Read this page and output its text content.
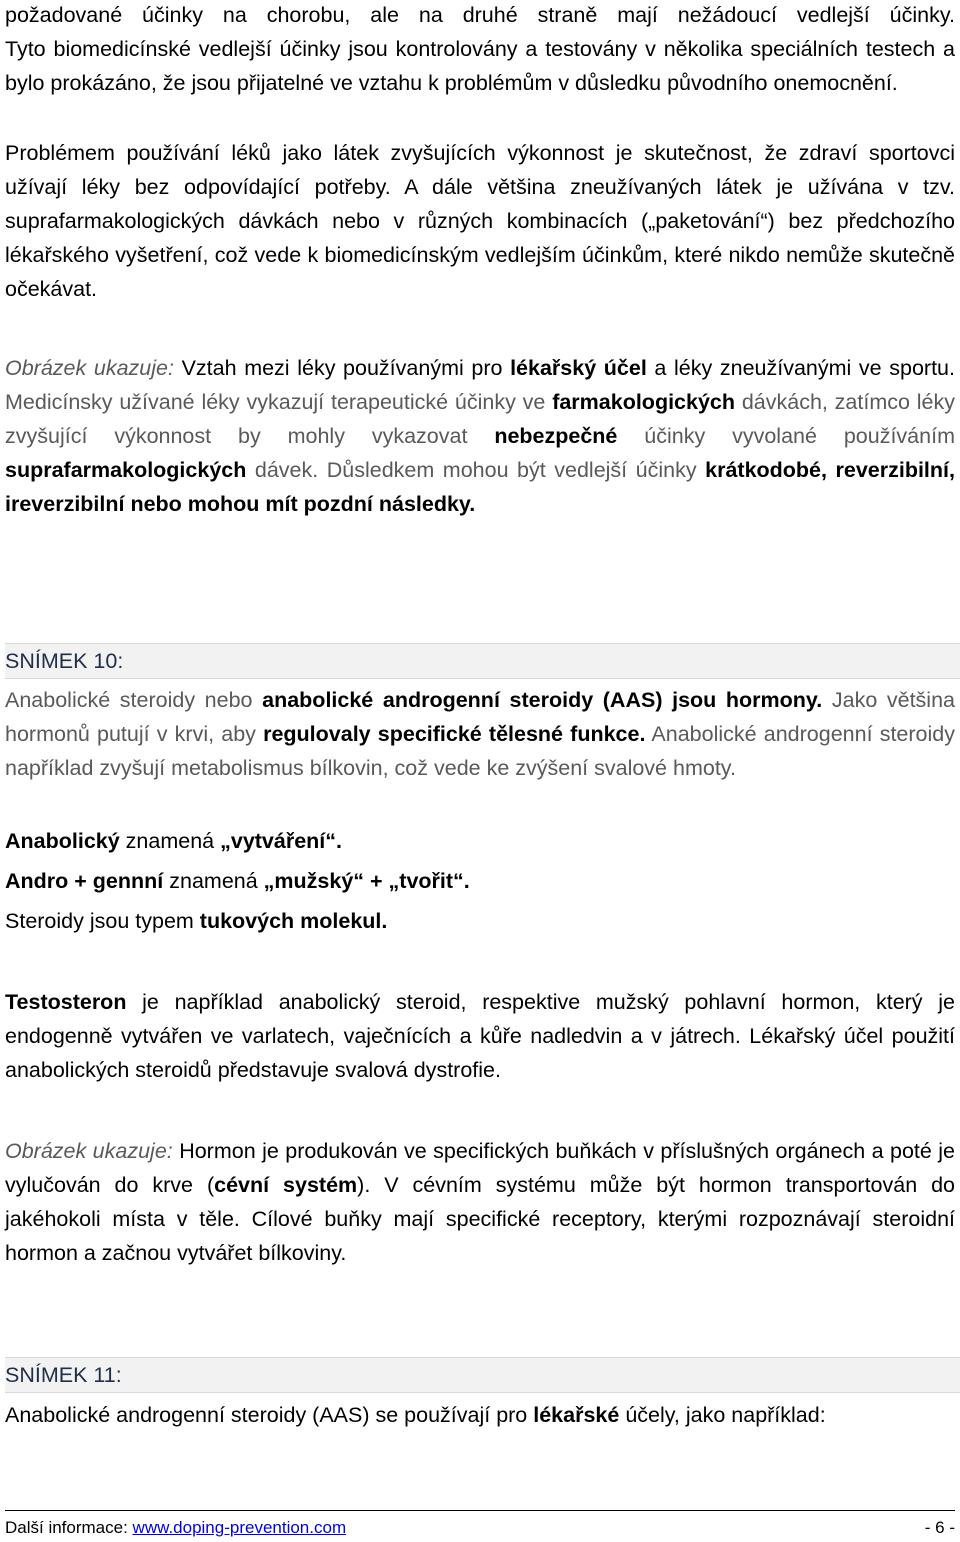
požadované účinky na chorobu, ale na druhé straně mají nežádoucí vedlejší účinky.
Tyto biomedicínské vedlejší účinky jsou kontrolovány a testovány v několika speciálních testech a bylo prokázáno, že jsou přijatelné ve vztahu k problémům v důsledku původního onemocnění.

Problémem používání léků jako látek zvyšujících výkonnost je skutečnost, že zdraví sportovci užívají léky bez odpovídající potřeby. A dále většina zneužívaných látek je užívána v tzv. suprafarmakologických dávkách nebo v různých kombinacích („paketování“) bez předchozího lékařského vyšetření, což vede k biomedicínským vedlejším účinkům, které nikdo nemůže skutečně očekávat.

Obrázek ukazuje: Vztah mezi léky používanými pro lékařský účel a léky zneužívanými ve sportu. Medicínsky užívané léky vykazují terapeutické účinky ve farmakologických dávkách, zatímco léky zvyšující výkonnost by mohly vykazovat nebezpečné účinky vyvolané používáním suprafarmakologických dávek. Důsledkem mohou být vedlejší účinky krátkodobé, reverzibilní, ireverzibilní nebo mohou mít pozdní následky.

Anabolické steroidy nebo anabolické androgenní steroidy (AAS) jsou hormony. Jako většina hormonů putují v krvi, aby regulovaly specifické tělesné funkce. Anabolické androgenní steroidy například zvyšují metabolismus bílkovin, což vede ke zvýšení svalové hmoty.

Anabolický znamená „vytváření“.

Andro + gennní znamená „mužský“ + „tvořit“.

Steroidy jsou typem tukových molekul.

Testosteron je například anabolický steroid, respektive mužský pohlavní hormon, který je endogenně vytvářen ve varlatech, vaječnících a kůře nadledvin a v játrech. Lékařský účel použití anabolických steroidů představuje svalová dystrofie.

Obrázek ukazuje: Hormon je produkován ve specifických buňkách v příslušných orgánech a poté je vylučován do krve (cévní systém). V cévním systému může být hormon transportován do jakéhokoli místa v těle. Cílové buňky mají specifické receptory, kterými rozpoznávají steroidní hormon a začnou vytvářet bílkoviny.

Anabolické androgenní steroidy (AAS) se používají pro lékařské účely, jako například:

SNÍMEK 10:
SNÍMEK 11:
Další informace: www.doping-prevention.com	- 6 -
